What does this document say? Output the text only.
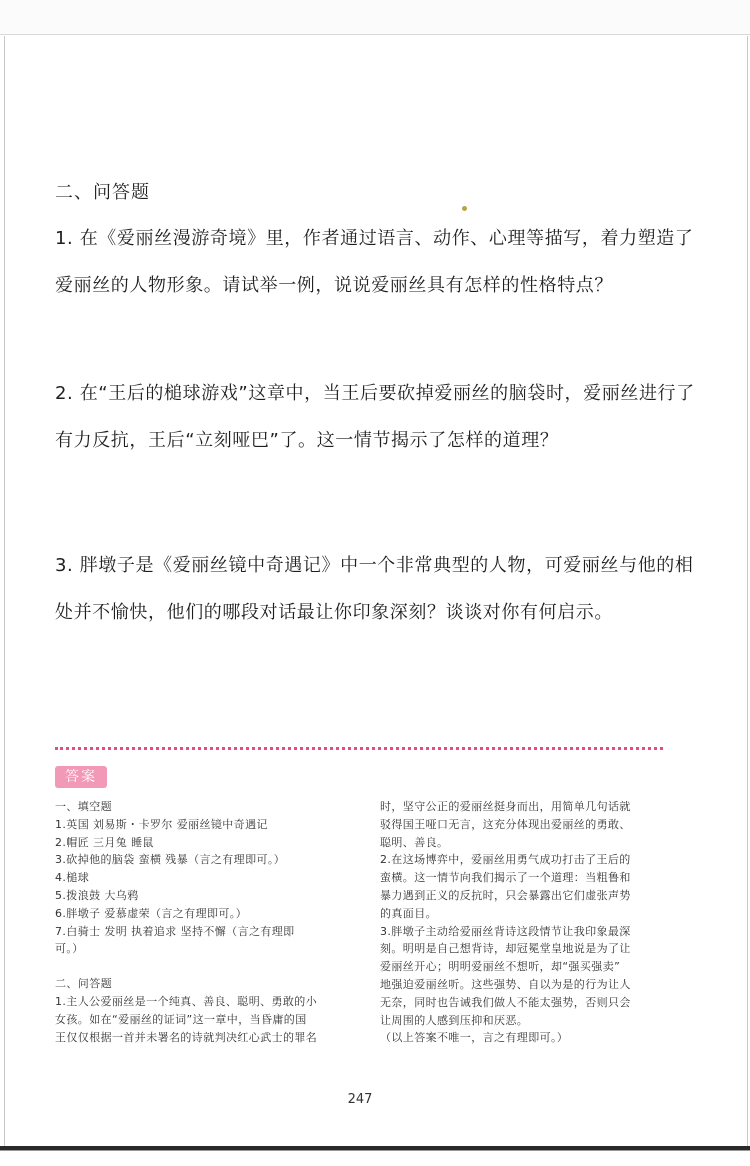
二、问答题

1. 在《爱丽丝漫游奇境》里，作者通过语言、动作、心理等描写，着力塑造了爱丽丝的人物形象。请试举一例，说说爱丽丝具有怎样的性格特点？

2. 在“王后的槌球游戏”这章中，当王后要砍掉爱丽丝的脑袋时，爱丽丝进行了有力反抗，王后“立刻哑巴”了。这一情节揭示了怎样的道理？

3. 胖墩子是《爱丽丝镜中奇遇记》中一个非常典型的人物，可爱丽丝与他的相处并不愉快，他们的哪段对话最让你印象深刻？谈谈对你有何启示。

答案
一、填空题
1.英国 刘易斯・卡罗尔 爱丽丝镜中奇遇记
2.帽匠 三月兔 睡鼠
3.砍掉他的脑袋 蛮横 残暴（言之有理即可。）
4.槌球
5.拨浪鼓 大乌鸦
6.胖墩子 爱慕虚荣（言之有理即可。）
7.白骑士 发明 执着追求 坚持不懈（言之有理即
可。）
二、问答题
1.主人公爱丽丝是一个纯真、善良、聪明、勇敢的小
女孩。如在“爱丽丝的证词”这一章中，当昏庸的国
王仅仅根据一首并未署名的诗就判决红心武士的罪名
时，坚守公正的爱丽丝挺身而出，用简单几句话就
驳得国王哑口无言，这充分体现出爱丽丝的勇敢、
聪明、善良。
2.在这场博弈中，爱丽丝用勇气成功打击了王后的
蛮横。这一情节向我们揭示了一个道理：当粗鲁和
暴力遇到正义的反抗时，只会暴露出它们虚张声势
的真面目。
3.胖墩子主动给爱丽丝背诗这段情节让我印象最深
刻。明明是自己想背诗，却冠冕堂皇地说是为了让
爱丽丝开心；明明爱丽丝不想听，却“强买强卖”
地强迫爱丽丝听。这些强势、自以为是的行为让人
无奈，同时也告诫我们做人不能太强势，否则只会
让周围的人感到压抑和厌恶。
（以上答案不唯一，言之有理即可。）
247
